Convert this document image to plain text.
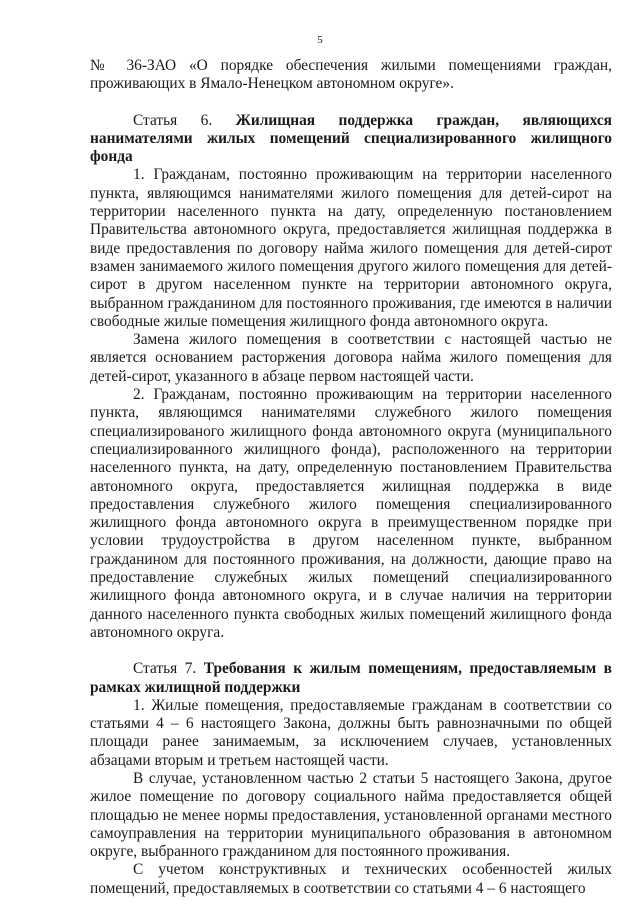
5

№ 36-ЗАО «О порядке обеспечения жилыми помещениями граждан, проживающих в Ямало-Ненецком автономном округе».

Статья 6. Жилищная поддержка граждан, являющихся нанимателями жилых помещений специализированного жилищного фонда

1. Гражданам, постоянно проживающим на территории населенного пункта, являющимся нанимателями жилого помещения для детей-сирот на территории населенного пункта на дату, определенную постановлением Правительства автономного округа, предоставляется жилищная поддержка в виде предоставления по договору найма жилого помещения для детей-сирот взамен занимаемого жилого помещения другого жилого помещения для детей-сирот в другом населенном пункте на территории автономного округа, выбранном гражданином для постоянного проживания, где имеются в наличии свободные жилые помещения жилищного фонда автономного округа.

Замена жилого помещения в соответствии с настоящей частью не является основанием расторжения договора найма жилого помещения для детей-сирот, указанного в абзаце первом настоящей части.

2. Гражданам, постоянно проживающим на территории населенного пункта, являющимся нанимателями служебного жилого помещения специализированого жилищного фонда автономного округа (муниципального специализированного жилищного фонда), расположенного на территории населенного пункта, на дату, определенную постановлением Правительства автономного округа, предоставляется жилищная поддержка в виде предоставления служебного жилого помещения специализированного жилищного фонда автономного округа в преимущественном порядке при условии трудоустройства в другом населенном пункте, выбранном гражданином для постоянного проживания, на должности, дающие право на предоставление служебных жилых помещений специализированного жилищного фонда автономного округа, и в случае наличия на территории данного населенного пункта свободных жилых помещений жилищного фонда автономного округа.

Статья 7. Требования к жилым помещениям, предоставляемым в рамках жилищной поддержки

1. Жилые помещения, предоставляемые гражданам в соответствии со статьями 4 – 6 настоящего Закона, должны быть равнозначными по общей площади ранее занимаемым, за исключением случаев, установленных абзацами вторым и третьем настоящей части.

В случае, установленном частью 2 статьи 5 настоящего Закона, другое жилое помещение по договору социального найма предоставляется общей площадью не менее нормы предоставления, установленной органами местного самоуправления на территории муниципального образования в автономном округе, выбранного гражданином для постоянного проживания.

С учетом конструктивных и технических особенностей жилых помещений, предоставляемых в соответствии со статьями 4 – 6 настоящего
